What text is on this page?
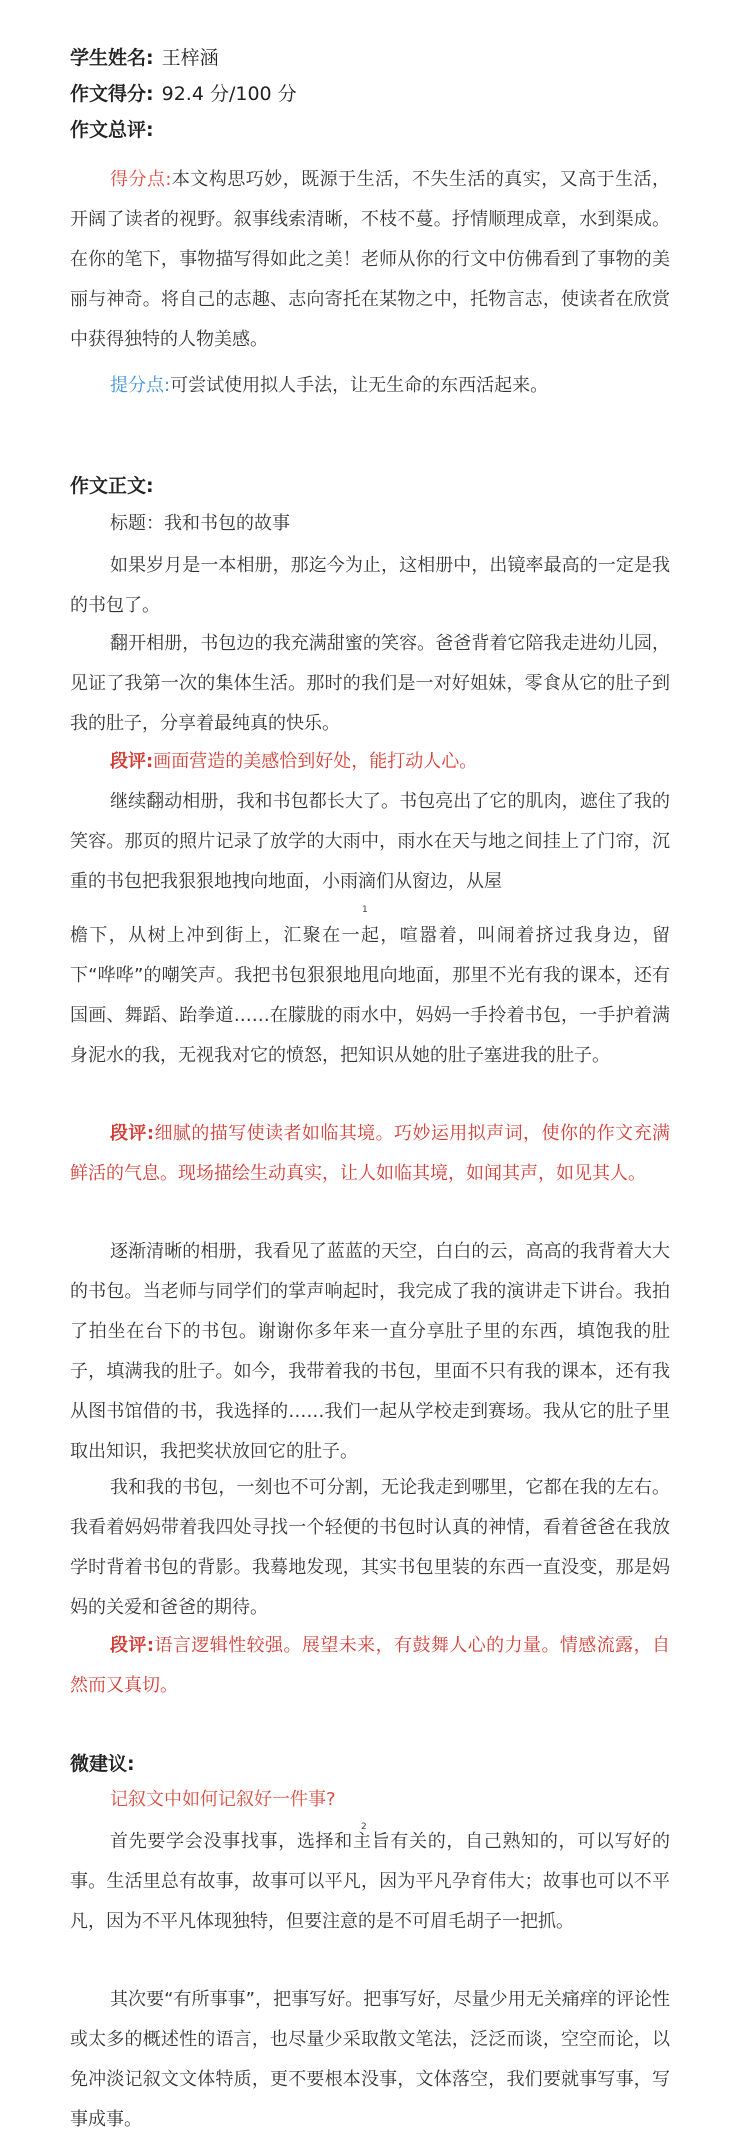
学生姓名: 王梓涵
作文得分: 92.4 分/100 分
作文总评:

得分点:本文构思巧妙，既源于生活，不失生活的真实，又高于生活，开阔了读者的视野。叙事线索清晰，不枝不蔓。抒情顺理成章，水到渠成。在你的笔下，事物描写得如此之美！老师从你的行文中仿佛看到了事物的美丽与神奇。将自己的志趣、志向寄托在某物之中，托物言志，使读者在欣赏中获得独特的人物美感。

提分点:可尝试使用拟人手法，让无生命的东西活起来。

作文正文:

标题：我和书包的故事

如果岁月是一本相册，那迄今为止，这相册中，出镜率最高的一定是我的书包了。

翻开相册，书包边的我充满甜蜜的笑容。爸爸背着它陪我走进幼儿园，见证了我第一次的集体生活。那时的我们是一对好姐妹，零食从它的肚子到我的肚子，分享着最纯真的快乐。

段评:画面营造的美感恰到好处，能打动人心。

继续翻动相册，我和书包都长大了。书包亮出了它的肌肉，遮住了我的笑容。那页的照片记录了放学的大雨中，雨水在天与地之间挂上了门帘，沉重的书包把我狠狠地拽向地面，小雨滴们从窗边，从屋

1

檐下，从树上冲到街上，汇聚在一起，喧嚣着，叫闹着挤过我身边，留下“哗哗”的嘲笑声。我把书包狠狠地甩向地面，那里不光有我的课本，还有国画、舞蹈、跆拳道……在朦胧的雨水中，妈妈一手拎着书包，一手护着满身泥水的我，无视我对它的愤怒，把知识从她的肚子塞进我的肚子。

段评:细腻的描写使读者如临其境。巧妙运用拟声词，使你的作文充满鲜活的气息。现场描绘生动真实，让人如临其境，如闻其声，如见其人。

逐渐清晰的相册，我看见了蓝蓝的天空，白白的云，高高的我背着大大的书包。当老师与同学们的掌声响起时，我完成了我的演讲走下讲台。我拍了拍坐在台下的书包。谢谢你多年来一直分享肚子里的东西，填饱我的肚子，填满我的肚子。如今，我带着我的书包，里面不只有我的课本，还有我从图书馆借的书，我选择的……我们一起从学校走到赛场。我从它的肚子里取出知识，我把奖状放回它的肚子。

我和我的书包，一刻也不可分割，无论我走到哪里，它都在我的左右。我看着妈妈带着我四处寻找一个轻便的书包时认真的神情，看着爸爸在我放学时背着书包的背影。我蓦地发现，其实书包里装的东西一直没变，那是妈妈的关爱和爸爸的期待。

段评:语言逻辑性较强。展望未来，有鼓舞人心的力量。情感流露，自然而又真切。

微建议:

记叙文中如何记叙好一件事?

2

首先要学会没事找事，选择和主旨有关的，自己熟知的，可以写好的事。生活里总有故事，故事可以平凡，因为平凡孕育伟大；故事也可以不平凡，因为不平凡体现独特，但要注意的是不可眉毛胡子一把抓。

其次要“有所事事”，把事写好。把事写好，尽量少用无关痛痒的评论性或太多的概述性的语言，也尽量少采取散文笔法，泛泛而谈，空空而论，以免冲淡记叙文文体特质，更不要根本没事，文体落空，我们要就事写事，写事成事。
